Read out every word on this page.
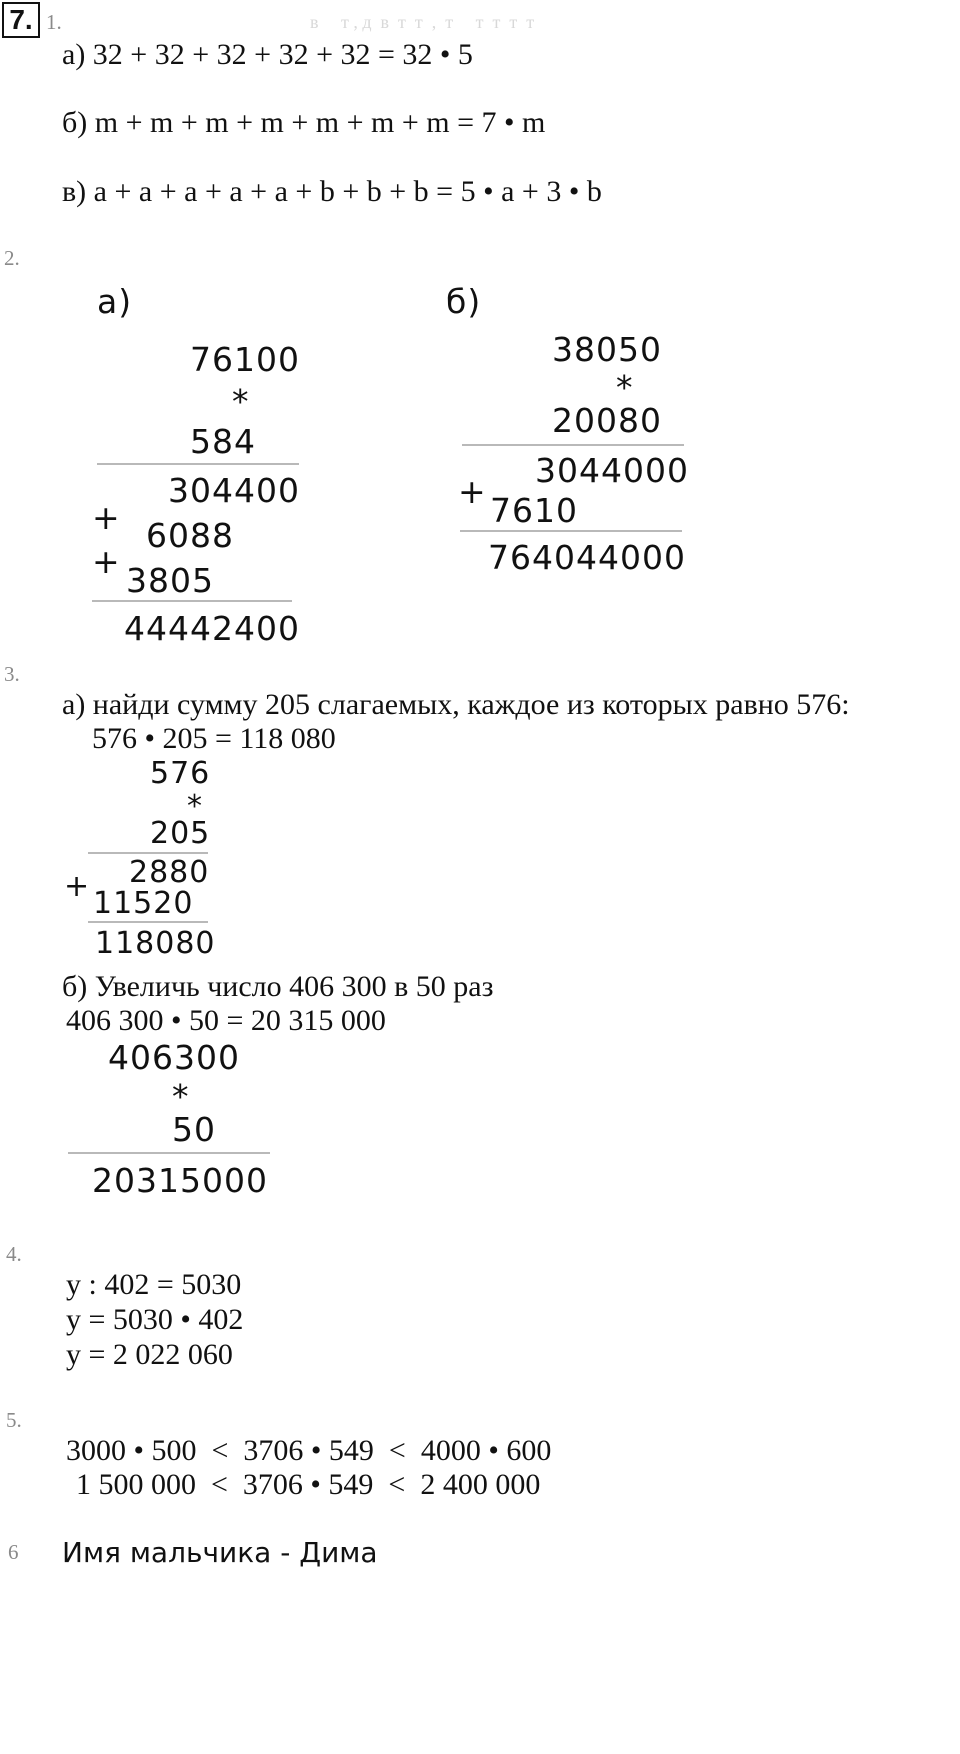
7. 1.	в     т , д  в  т  т  ,  т     т  т  т  т
а) 32 + 32 + 32 + 32 + 32 = 32 • 5
б) m + m + m + m + m + m + m = 7 • m
в) a + a + a + a + a + b + b + b = 5 • a + 3 • b
2.
а)
76100
*
584
304400
+ 6088
+ 3805
44442400
б)
38050
*
20080
3044000
+ 7610
764044000
3.
а) найди сумму 205 слагаемых, каждое из которых равно 576:
576 • 205 = 118 080
576
*
205
2880
+ 11520
118080
б) Увеличь число 406 300 в 50 раз
406 300 • 50 = 20 315 000
406300
*
50
20315000
4.
y : 402 = 5030
y = 5030 • 402
y = 2 022 060
5.
3000 • 500  <  3706 • 549  <  4000 • 600
1 500 000  <  3706 • 549  <  2 400 000
6 Имя мальчика - Дима
